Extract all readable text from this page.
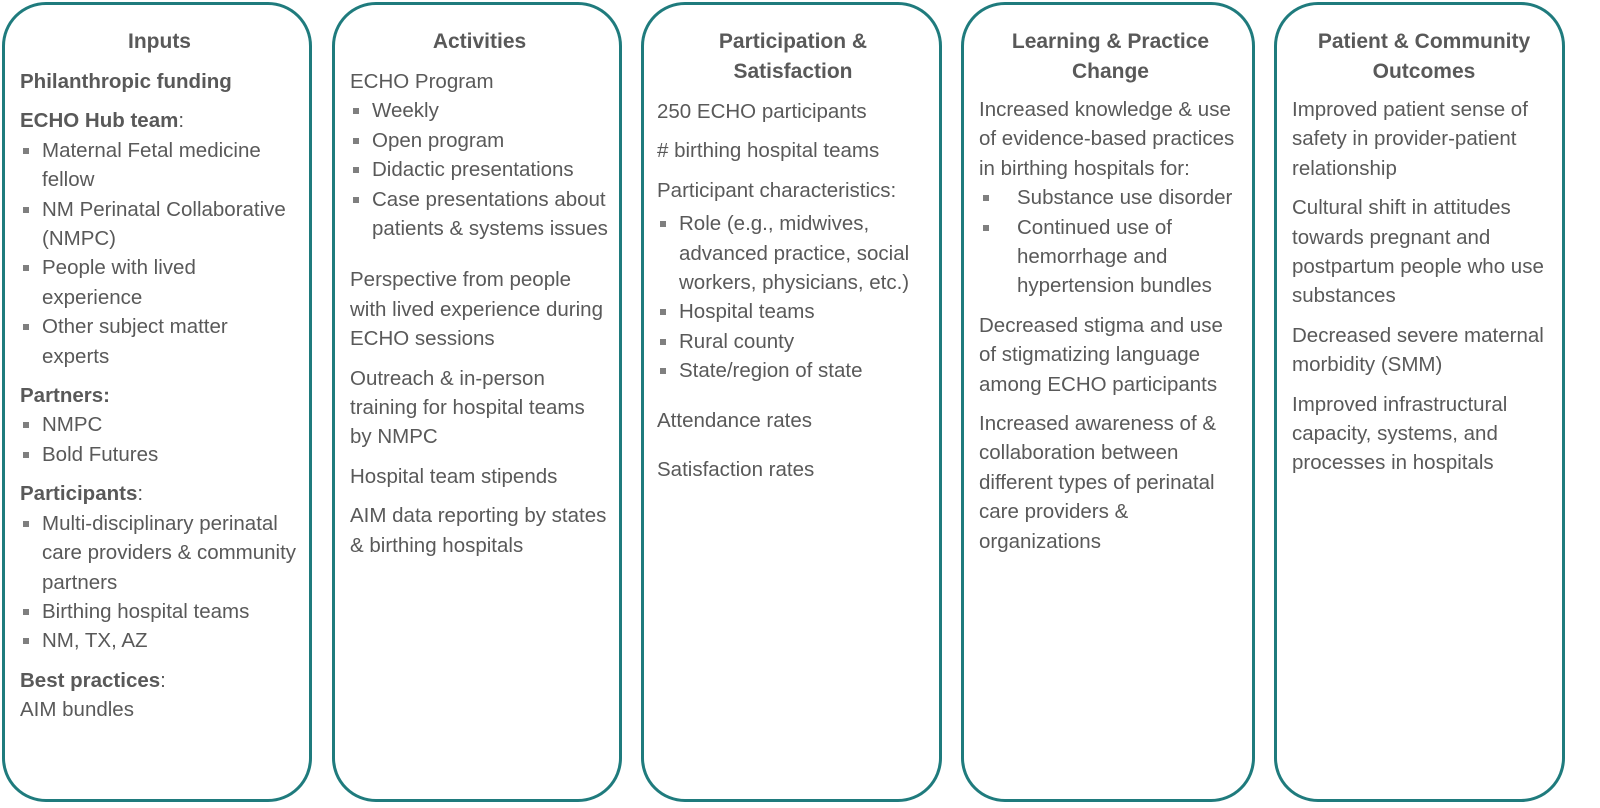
Inputs
Philanthropic funding
ECHO Hub team:
Maternal Fetal medicine fellow
NM Perinatal Collaborative (NMPC)
People with lived experience
Other subject matter experts
Partners:
NMPC
Bold Futures
Participants:
Multi-disciplinary perinatal care providers & community partners
Birthing hospital teams
NM, TX, AZ
Best practices:
AIM bundles
Activities
ECHO Program
Weekly
Open program
Didactic presentations
Case presentations about patients & systems issues
Perspective from people with lived experience during ECHO sessions
Outreach & in-person training for hospital teams by NMPC
Hospital team stipends
AIM data reporting by states & birthing hospitals
Participation & Satisfaction
250 ECHO participants
# birthing hospital teams
Participant characteristics:
Role (e.g., midwives, advanced practice, social workers, physicians, etc.)
Hospital teams
Rural county
State/region of state
Attendance rates
Satisfaction rates
Learning & Practice Change
Increased knowledge & use of evidence-based practices in birthing hospitals for:
Substance use disorder
Continued use of hemorrhage and hypertension bundles
Decreased stigma and use of stigmatizing language among ECHO participants
Increased awareness of & collaboration between different types of perinatal care providers & organizations
Patient & Community Outcomes
Improved patient sense of safety in provider-patient relationship
Cultural shift in attitudes towards pregnant and postpartum people who use substances
Decreased severe maternal morbidity (SMM)
Improved infrastructural capacity, systems, and processes in hospitals
